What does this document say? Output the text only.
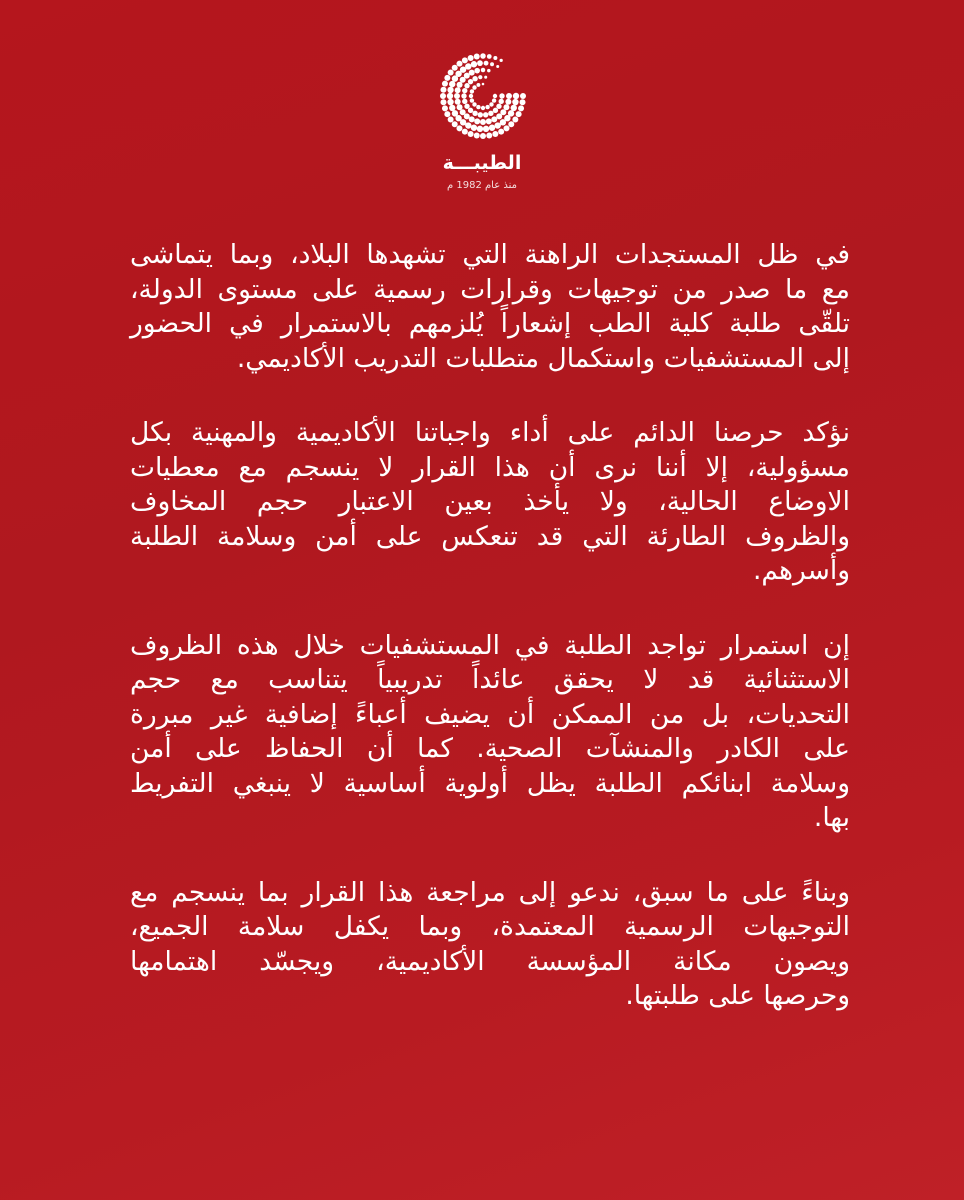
الطيبـــة
منذ عام 1982 م
في ظل المستجدات الراهنة التي تشهدها البلاد، وبما يتماشى
مع ما صدر من توجيهات وقرارات رسمية على مستوى الدولة،
تلقّى طلبة كلية الطب إشعاراً يُلزمهم بالاستمرار في الحضور
إلى المستشفيات واستكمال متطلبات التدريب الأكاديمي.
نؤكد حرصنا الدائم على أداء واجباتنا الأكاديمية والمهنية بكل
مسؤولية، إلا أننا نرى أن هذا القرار لا ينسجم مع معطيات
الاوضاع الحالية، ولا يأخذ بعين الاعتبار حجم المخاوف
والظروف الطارئة التي قد تنعكس على أمن وسلامة الطلبة
وأسرهم.
إن استمرار تواجد الطلبة في المستشفيات خلال هذه الظروف
الاستثنائية قد لا يحقق عائداً تدريبياً يتناسب مع حجم
التحديات، بل من الممكن أن يضيف أعباءً إضافية غير مبررة
على الكادر والمنشآت الصحية. كما أن الحفاظ على أمن
وسلامة ابنائكم الطلبة يظل أولوية أساسية لا ينبغي التفريط
بها.
وبناءً على ما سبق، ندعو إلى مراجعة هذا القرار بما ينسجم مع
التوجيهات الرسمية المعتمدة، وبما يكفل سلامة الجميع،
ويصون مكانة المؤسسة الأكاديمية، ويجسّد اهتمامها
وحرصها على طلبتها.
